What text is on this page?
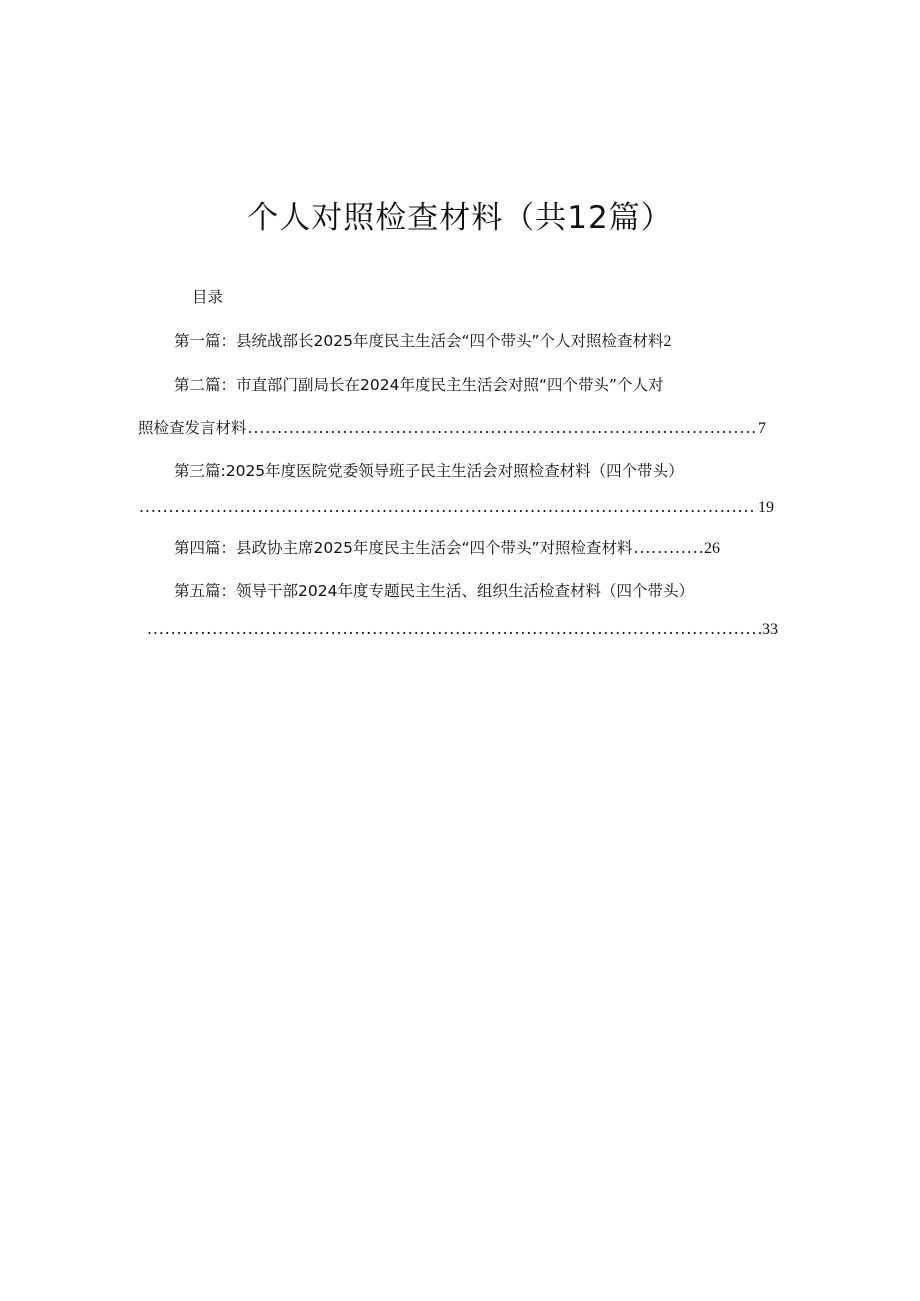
个人对照检查材料（共12篇）
目录
第一篇：县统战部长2025年度民主生活会“四个带头”个人对照检查材料 2
第二篇：市直部门副局长在2024年度民主生活会对照“四个带头”个人对
照检查发言材料 .....	7
第三篇:2025年度医院党委领导班子民主生活会对照检查材料（四个带头）
.....
19
第四篇：县政协主席2025年度民主生活会“四个带头”对照检查材料 .....	26
第五篇：领导干部2024年度专题民主生活、组织生活检查材料（四个带头）
.....
33
